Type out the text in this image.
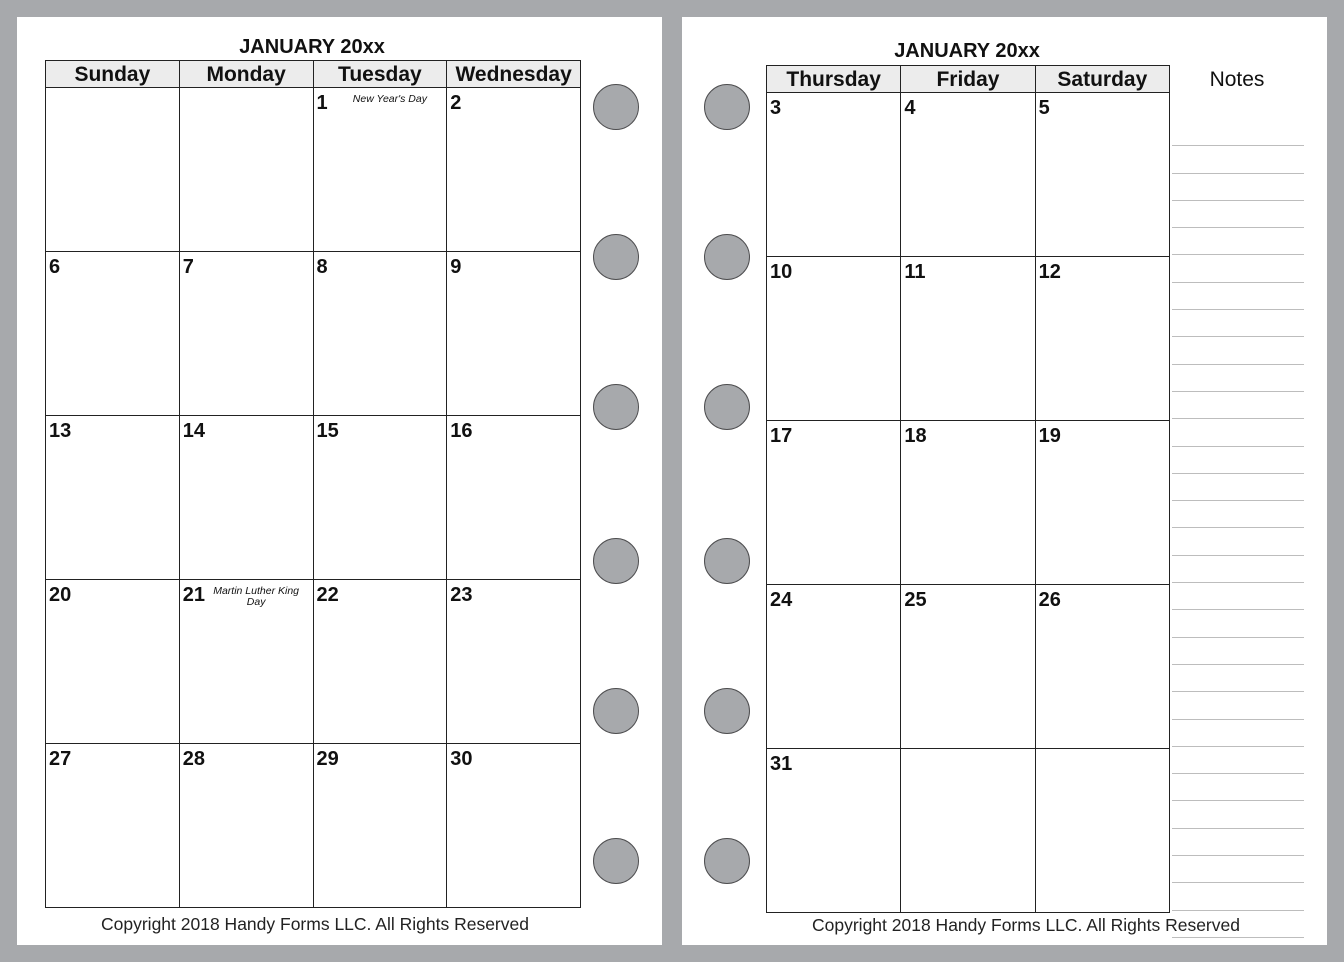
JANUARY 20xx
Sunday	Monday	Tuesday	Wednesday

		1 New Year's Day	2

6	7	8	9

13	14	15	16

20	21 Martin Luther King Day	22	23

27	28	29	30
Copyright 2018 Handy Forms LLC. All Rights Reserved
JANUARY 20xx
Thursday	Friday	Saturday

3	4	5

10	11	12

17	18	19

24	25	26

31		

Notes
Copyright 2018 Handy Forms LLC. All Rights Reserved
